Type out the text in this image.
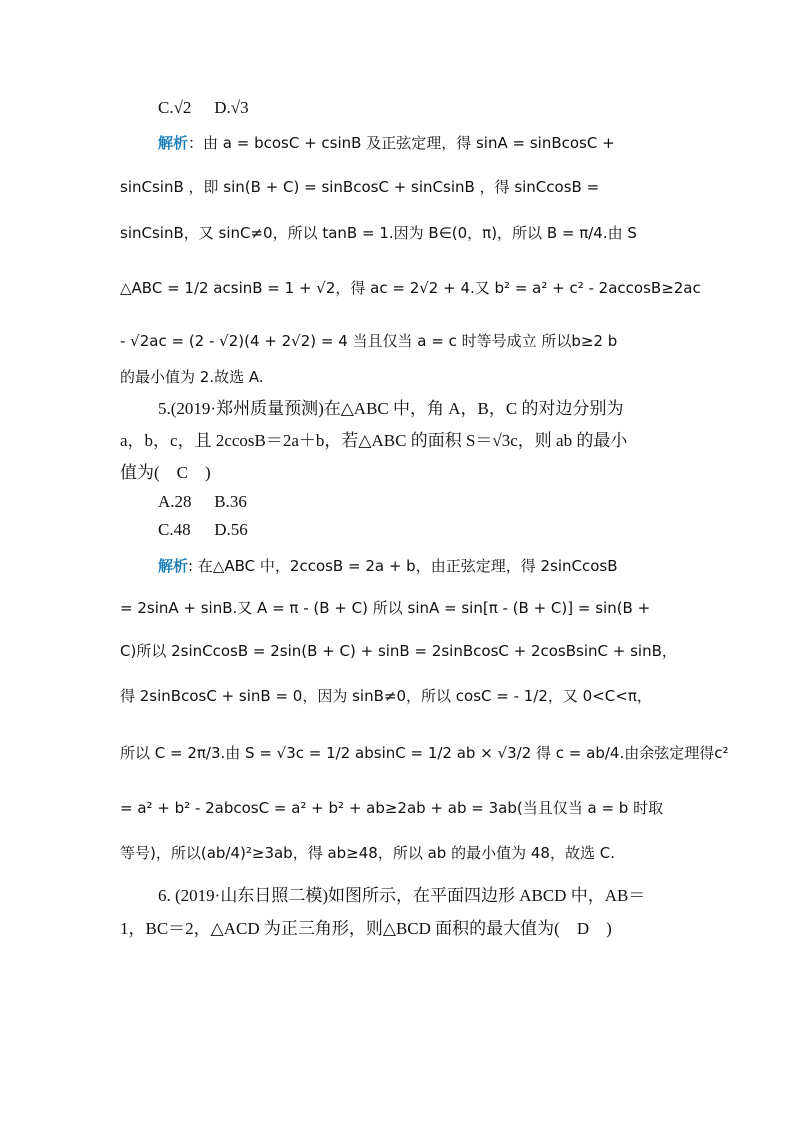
C.√2 D.√3
解析：由 a = bcosC + csinB 及正弦定理，得 sinA = sinBcosC +
sinCsinB ，即 sin(B + C) = sinBcosC + sinCsinB ，得 sinCcosB =
sinCsinB，又 sinC≠0，所以 tanB = 1.因为 B∈(0，π)，所以 B = π/4.由 S
△ABC = 1/2 acsinB = 1 + √2，得 ac = 2√2 + 4.又 b² = a² + c² - 2accosB≥2ac
- √2ac = (2 - √2)(4 + 2√2) = 4 当且仅当 a = c 时等号成立 所以b≥2 b
的最小值为 2.故选 A.
5.(2019·郑州质量预测)在△ABC 中，角 A，B，C 的对边分别为
a，b，c，且 2ccosB＝2a＋b，若△ABC 的面积 S＝√3c，则 ab 的最小
值为(　C　)
A.28 B.36
C.48 D.56
解析: 在△ABC 中，2ccosB = 2a + b，由正弦定理，得 2sinCcosB
= 2sinA + sinB.又 A = π - (B + C) 所以 sinA = sin[π - (B + C)] = sin(B +
C)所以 2sinCcosB = 2sin(B + C) + sinB = 2sinBcosC + 2cosBsinC + sinB，
得 2sinBcosC + sinB = 0，因为 sinB≠0，所以 cosC = - 1/2，又 0<C<π，
所以 C = 2π/3.由 S = √3c = 1/2 absinC = 1/2 ab × √3/2 得 c = ab/4.由余弦定理得c²
= a² + b² - 2abcosC = a² + b² + ab≥2ab + ab = 3ab(当且仅当 a = b 时取
等号)，所以(ab/4)²≥3ab，得 ab≥48，所以 ab 的最小值为 48，故选 C.
6. (2019·山东日照二模)如图所示，在平面四边形 ABCD 中，AB＝
1，BC＝2，△ACD 为正三角形，则△BCD 面积的最大值为(　D　)
